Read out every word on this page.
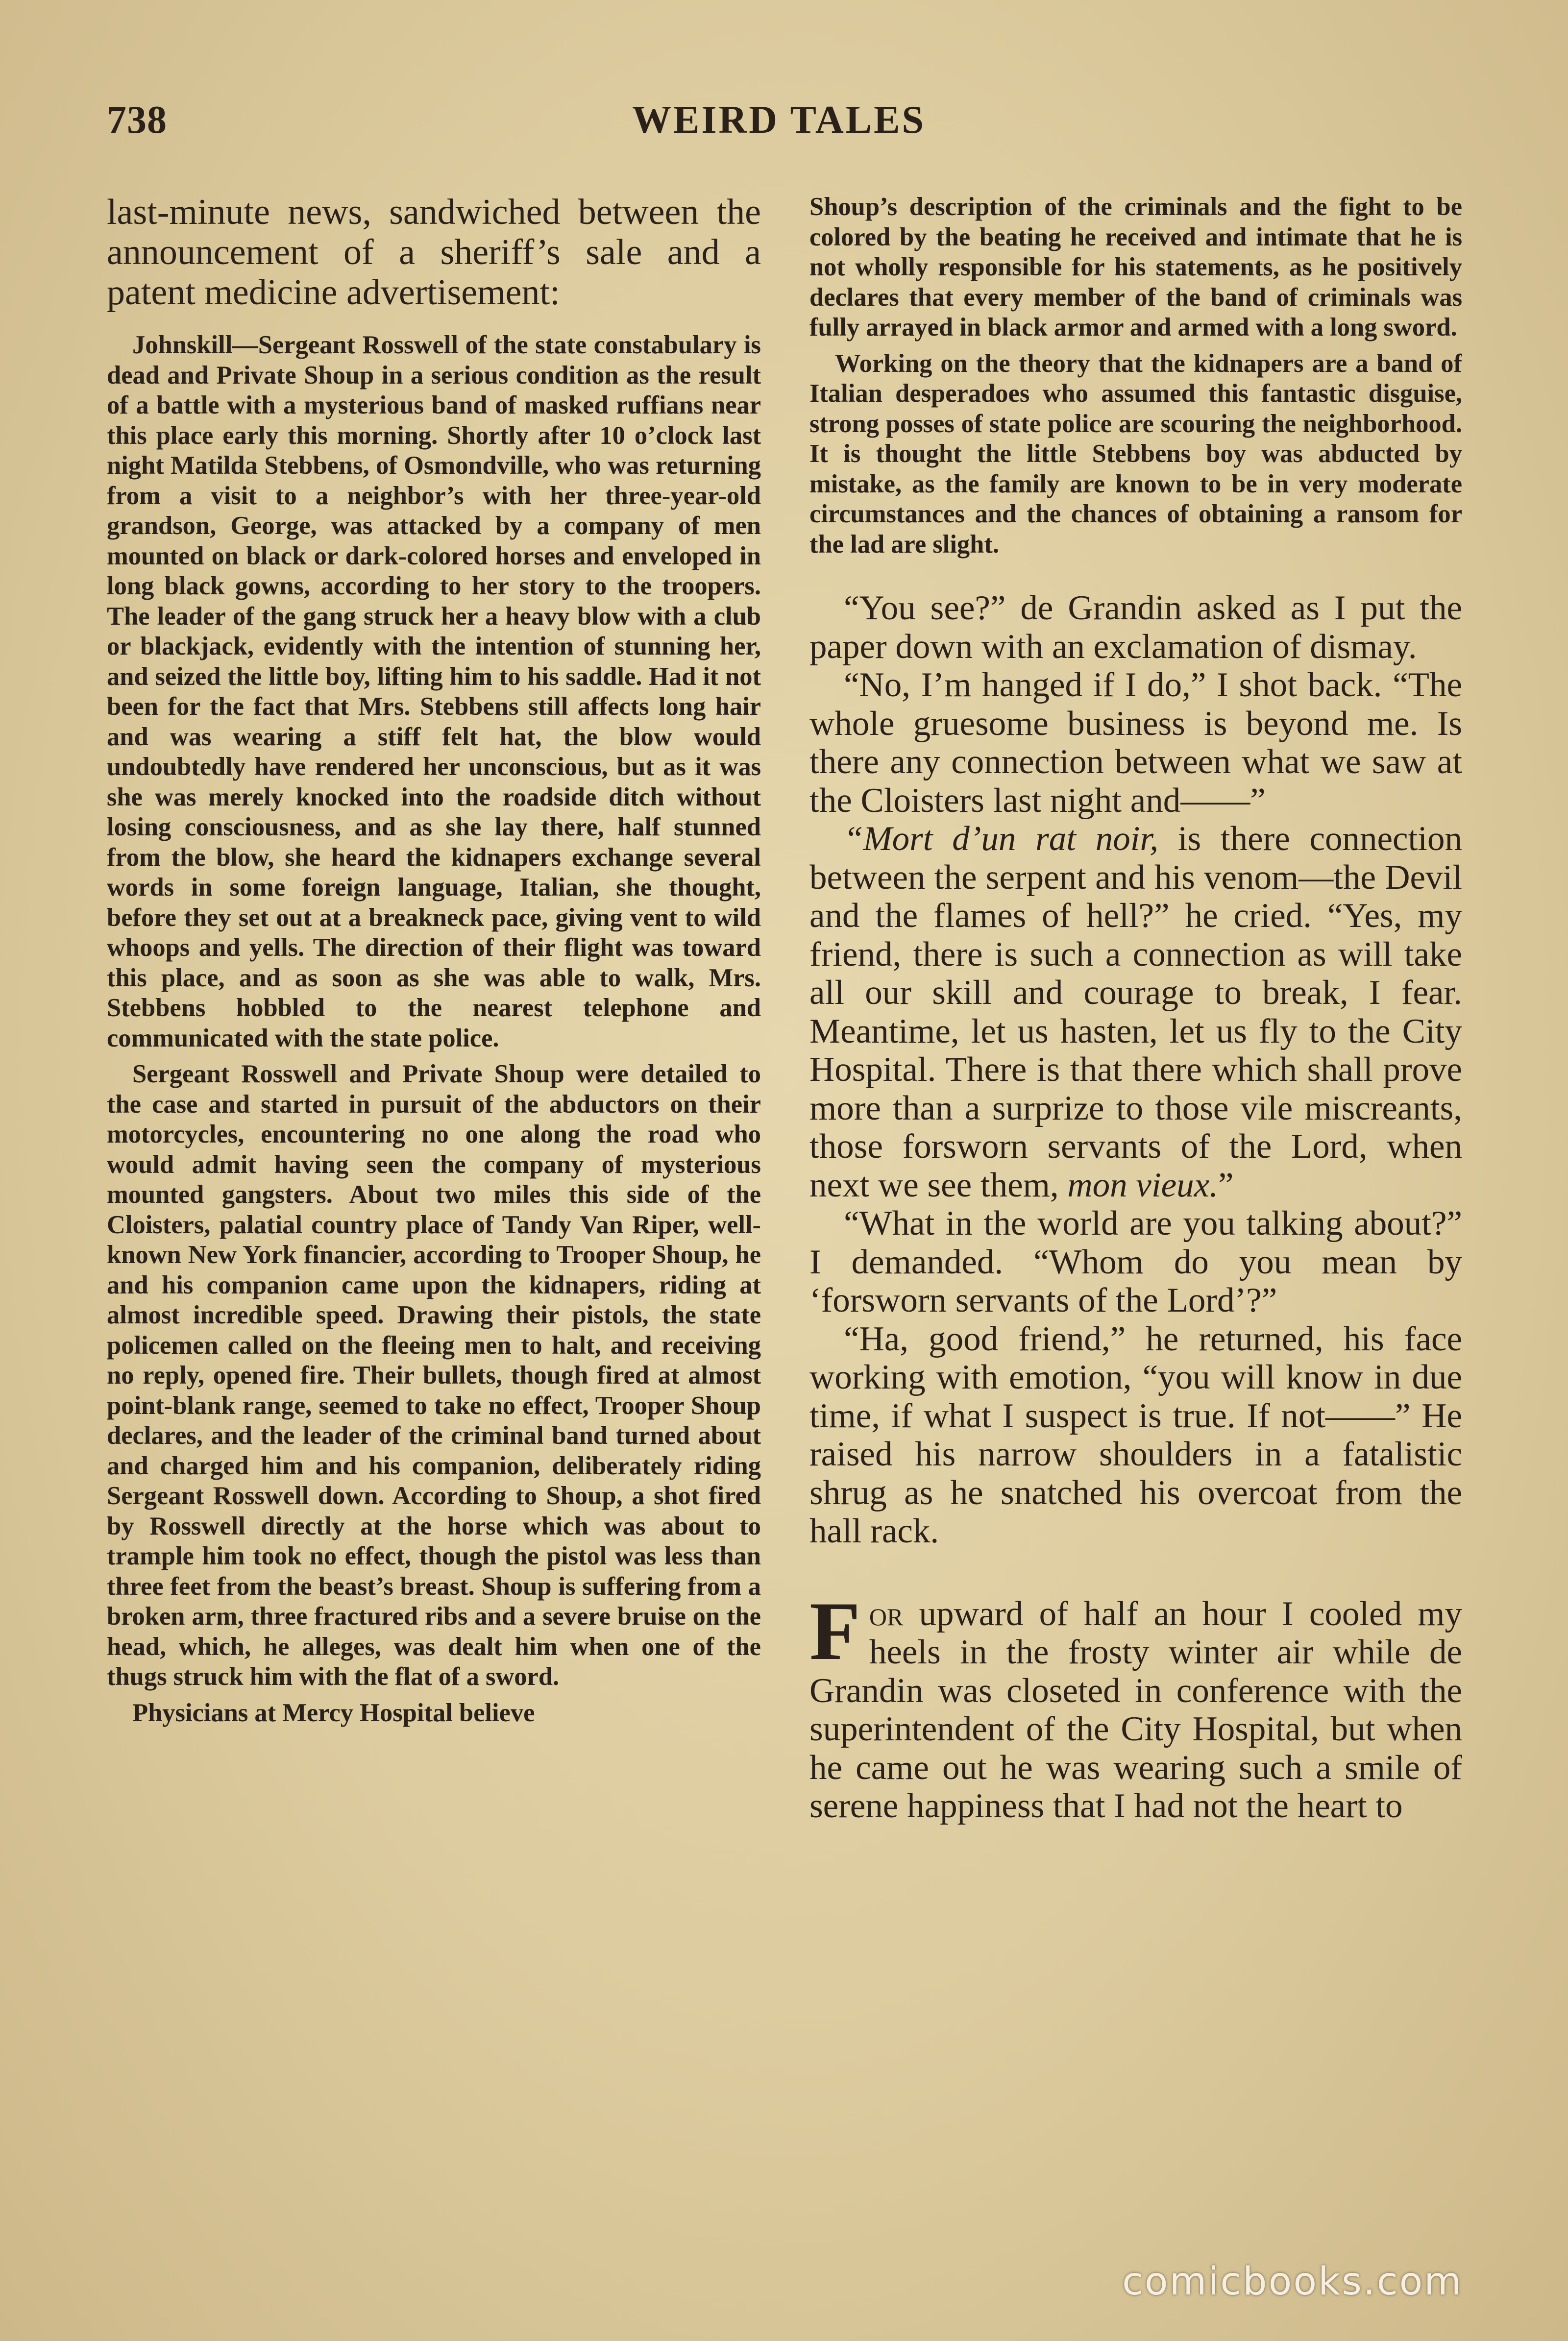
738	WEIRD TALES

last-minute news, sandwiched between the announcement of a sheriff’s sale and a patent medicine advertisement:

Johnskill—Sergeant Rosswell of the state constabulary is dead and Private Shoup in a serious condition as the result of a battle with a mysterious band of masked ruffians near this place early this morning. Shortly after 10 o’clock last night Matilda Stebbens, of Osmondville, who was returning from a visit to a neighbor’s with her three-year-old grandson, George, was attacked by a company of men mounted on black or dark-colored horses and enveloped in long black gowns, according to her story to the troopers. The leader of the gang struck her a heavy blow with a club or blackjack, evidently with the intention of stunning her, and seized the little boy, lifting him to his saddle. Had it not been for the fact that Mrs. Stebbens still affects long hair and was wearing a stiff felt hat, the blow would undoubtedly have rendered her unconscious, but as it was she was merely knocked into the roadside ditch without losing consciousness, and as she lay there, half stunned from the blow, she heard the kidnapers exchange several words in some foreign language, Italian, she thought, before they set out at a breakneck pace, giving vent to wild whoops and yells. The direction of their flight was toward this place, and as soon as she was able to walk, Mrs. Stebbens hobbled to the nearest telephone and communicated with the state police.

Sergeant Rosswell and Private Shoup were detailed to the case and started in pursuit of the abductors on their motorcycles, encountering no one along the road who would admit having seen the company of mysterious mounted gangsters. About two miles this side of the Cloisters, palatial country place of Tandy Van Riper, well-known New York financier, according to Trooper Shoup, he and his companion came upon the kidnapers, riding at almost incredible speed. Drawing their pistols, the state policemen called on the fleeing men to halt, and receiving no reply, opened fire. Their bullets, though fired at almost point-blank range, seemed to take no effect, Trooper Shoup declares, and the leader of the criminal band turned about and charged him and his companion, deliberately riding Sergeant Rosswell down. According to Shoup, a shot fired by Rosswell directly at the horse which was about to trample him took no effect, though the pistol was less than three feet from the beast’s breast. Shoup is suffering from a broken arm, three fractured ribs and a severe bruise on the head, which, he alleges, was dealt him when one of the thugs struck him with the flat of a sword.

Physicians at Mercy Hospital believe

Shoup’s description of the criminals and the fight to be colored by the beating he received and intimate that he is not wholly responsible for his statements, as he positively declares that every member of the band of criminals was fully arrayed in black armor and armed with a long sword.

Working on the theory that the kidnapers are a band of Italian desperadoes who assumed this fantastic disguise, strong posses of state police are scouring the neighborhood. It is thought the little Stebbens boy was abducted by mistake, as the family are known to be in very moderate circumstances and the chances of obtaining a ransom for the lad are slight.

“You see?” de Grandin asked as I put the paper down with an exclamation of dismay.

“No, I’m hanged if I do,” I shot back. “The whole gruesome business is beyond me. Is there any connection between what we saw at the Cloisters last night and——”

“Mort d’un rat noir, is there connection between the serpent and his venom—the Devil and the flames of hell?” he cried. “Yes, my friend, there is such a connection as will take all our skill and courage to break, I fear. Meantime, let us hasten, let us fly to the City Hospital. There is that there which shall prove more than a surprize to those vile miscreants, those forsworn servants of the Lord, when next we see them, mon vieux.”

“What in the world are you talking about?” I demanded. “Whom do you mean by ‘forsworn servants of the Lord’?”

“Ha, good friend,” he returned, his face working with emotion, “you will know in due time, if what I suspect is true. If not——” He raised his narrow shoulders in a fatalistic shrug as he snatched his overcoat from the hall rack.

For upward of half an hour I cooled my heels in the frosty winter air while de Grandin was closeted in conference with the superintendent of the City Hospital, but when he came out he was wearing such a smile of serene happiness that I had not the heart to

comicbooks.com
